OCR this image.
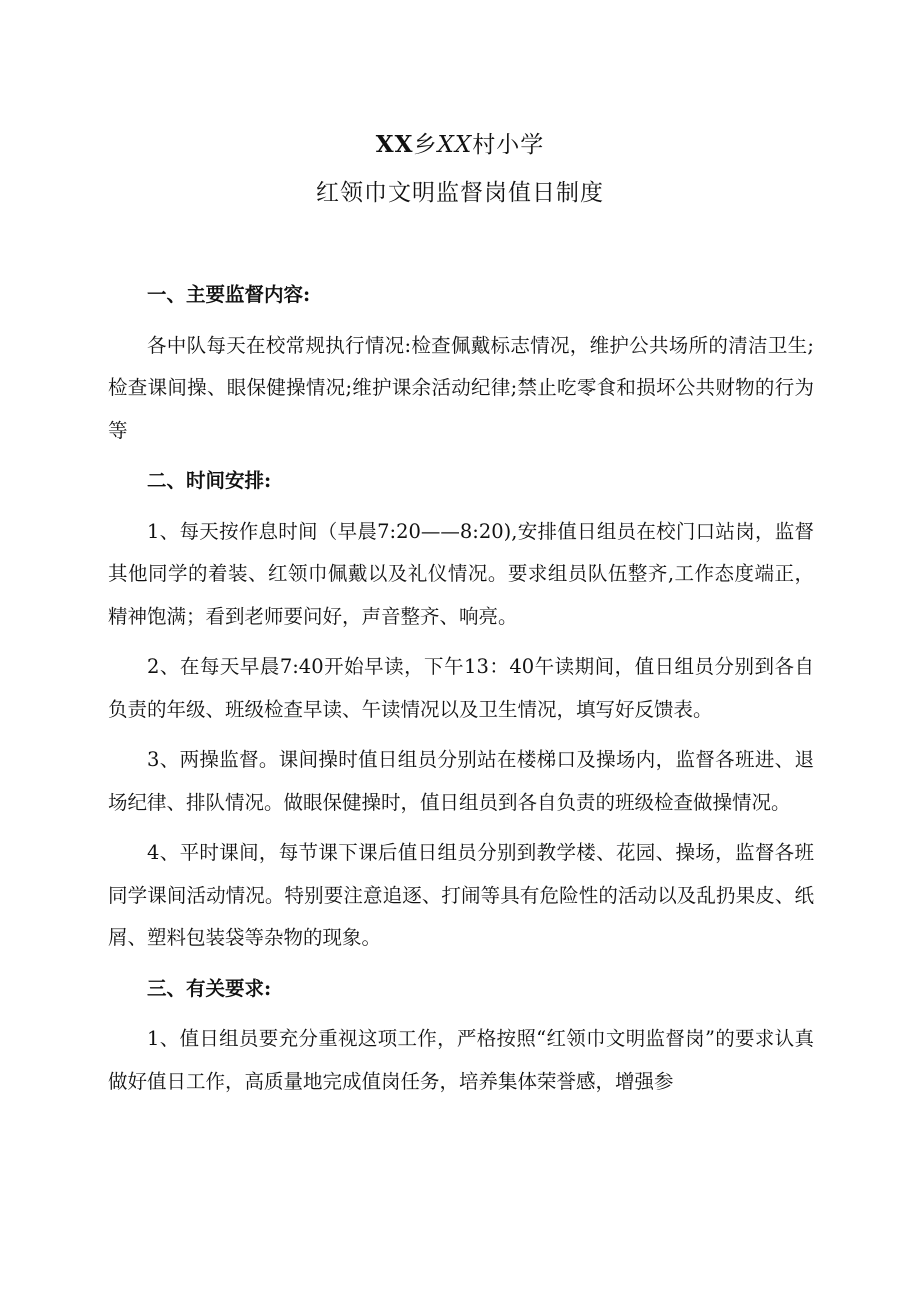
XX乡XX村小学
红领巾文明监督岗值日制度

一、主要监督内容:

各中队每天在校常规执行情况:检查佩戴标志情况，维护公共场所的清洁卫生;检查课间操、眼保健操情况;维护课余活动纪律;禁止吃零食和损坏公共财物的行为等

二、时间安排:

1、每天按作息时间（早晨7:20——8:20),安排值日组员在校门口站岗，监督其他同学的着装、红领巾佩戴以及礼仪情况。要求组员队伍整齐,工作态度端正，精神饱满；看到老师要问好，声音整齐、响亮。

2、在每天早晨7:40开始早读，下午13：40午读期间，值日组员分别到各自负责的年级、班级检查早读、午读情况以及卫生情况，填写好反馈表。

3、两操监督。课间操时值日组员分别站在楼梯口及操场内，监督各班进、退场纪律、排队情况。做眼保健操时，值日组员到各自负责的班级检查做操情况。

4、平时课间，每节课下课后值日组员分别到教学楼、花园、操场，监督各班同学课间活动情况。特别要注意追逐、打闹等具有危险性的活动以及乱扔果皮、纸屑、塑料包装袋等杂物的现象。

三、有关要求:

1、值日组员要充分重视这项工作，严格按照“红领巾文明监督岗”的要求认真做好值日工作，高质量地完成值岗任务，培养集体荣誉感，增强参
